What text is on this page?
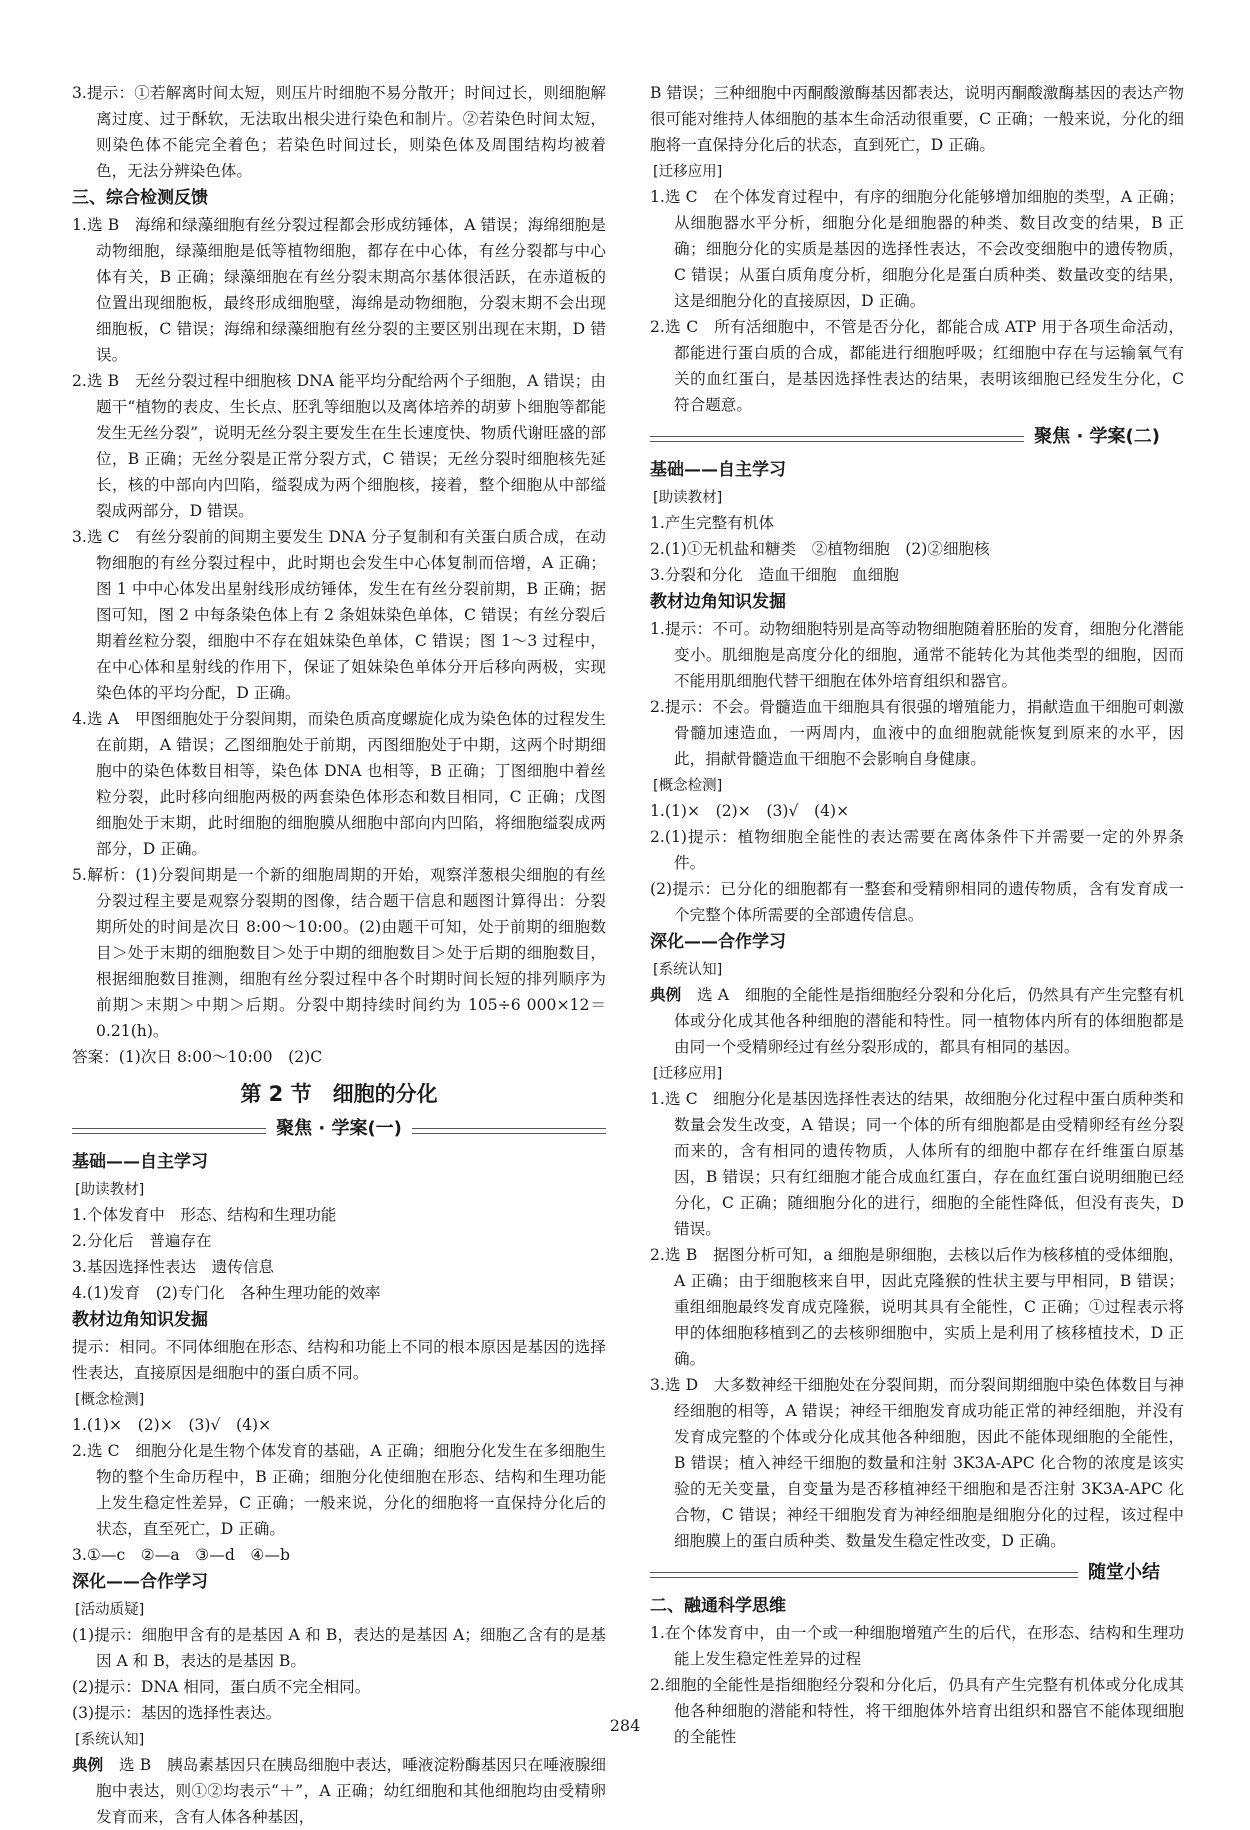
3.提示：①若解离时间太短，则压片时细胞不易分散开；时间过长，则细胞解离过度、过于酥软，无法取出根尖进行染色和制片。②若染色时间太短，则染色体不能完全着色；若染色时间过长，则染色体及周围结构均被着色，无法分辨染色体。

三、综合检测反馈

1.选 B　海绵和绿藻细胞有丝分裂过程都会形成纺锤体，A 错误；海绵细胞是动物细胞，绿藻细胞是低等植物细胞，都存在中心体，有丝分裂都与中心体有关，B 正确；绿藻细胞在有丝分裂末期高尔基体很活跃，在赤道板的位置出现细胞板，最终形成细胞壁，海绵是动物细胞，分裂末期不会出现细胞板，C 错误；海绵和绿藻细胞有丝分裂的主要区别出现在末期，D 错误。

2.选 B　无丝分裂过程中细胞核 DNA 能平均分配给两个子细胞，A 错误；由题干“植物的表皮、生长点、胚乳等细胞以及离体培养的胡萝卜细胞等都能发生无丝分裂”，说明无丝分裂主要发生在生长速度快、物质代谢旺盛的部位，B 正确；无丝分裂是正常分裂方式，C 错误；无丝分裂时细胞核先延长，核的中部向内凹陷，缢裂成为两个细胞核，接着，整个细胞从中部缢裂成两部分，D 错误。

3.选 C　有丝分裂前的间期主要发生 DNA 分子复制和有关蛋白质合成，在动物细胞的有丝分裂过程中，此时期也会发生中心体复制而倍增，A 正确；图 1 中中心体发出星射线形成纺锤体，发生在有丝分裂前期，B 正确；据图可知，图 2 中每条染色体上有 2 条姐妹染色单体，C 错误；有丝分裂后期着丝粒分裂，细胞中不存在姐妹染色单体，C 错误；图 1～3 过程中，在中心体和星射线的作用下，保证了姐妹染色单体分开后移向两极，实现染色体的平均分配，D 正确。

4.选 A　甲图细胞处于分裂间期，而染色质高度螺旋化成为染色体的过程发生在前期，A 错误；乙图细胞处于前期，丙图细胞处于中期，这两个时期细胞中的染色体数目相等，染色体 DNA 也相等，B 正确；丁图细胞中着丝粒分裂，此时移向细胞两极的两套染色体形态和数目相同，C 正确；戊图细胞处于末期，此时细胞的细胞膜从细胞中部向内凹陷，将细胞缢裂成两部分，D 正确。

5.解析：(1)分裂间期是一个新的细胞周期的开始，观察洋葱根尖细胞的有丝分裂过程主要是观察分裂期的图像，结合题干信息和题图计算得出：分裂期所处的时间是次日 8:00～10:00。(2)由题干可知，处于前期的细胞数目＞处于末期的细胞数目＞处于中期的细胞数目＞处于后期的细胞数目，根据细胞数目推测，细胞有丝分裂过程中各个时期时间长短的排列顺序为前期＞末期＞中期＞后期。分裂中期持续时间约为 105÷6 000×12＝0.21(h)。

答案：(1)次日 8:00～10:00　(2)C

第 2 节　细胞的分化

聚焦 · 学案(一)

基础——自主学习

[ 助读教材 ]

1.个体发育中　形态、结构和生理功能

2.分化后　普遍存在

3.基因选择性表达　遗传信息

4.(1)发育　(2)专门化　各种生理功能的效率

教材边角知识发掘

提示：相同。不同体细胞在形态、结构和功能上不同的根本原因是基因的选择性表达，直接原因是细胞中的蛋白质不同。

[ 概念检测 ]

1.(1)×　(2)×　(3)√　(4)×

2.选 C　细胞分化是生物个体发育的基础，A 正确；细胞分化发生在多细胞生物的整个生命历程中，B 正确；细胞分化使细胞在形态、结构和生理功能上发生稳定性差异，C 正确；一般来说，分化的细胞将一直保持分化后的状态，直至死亡，D 正确。

3.①—c　②—a　③—d　④—b

深化——合作学习

[ 活动质疑 ]

(1)提示：细胞甲含有的是基因 A 和 B，表达的是基因 A；细胞乙含有的是基因 A 和 B，表达的是基因 B。

(2)提示：DNA 相同，蛋白质不完全相同。

(3)提示：基因的选择性表达。

[ 系统认知 ]

典例　选 B　胰岛素基因只在胰岛细胞中表达，唾液淀粉酶基因只在唾液腺细胞中表达，则①②均表示“＋”，A 正确；幼红细胞和其他细胞均由受精卵发育而来，含有人体各种基因，

B 错误；三种细胞中丙酮酸激酶基因都表达，说明丙酮酸激酶基因的表达产物很可能对维持人体细胞的基本生命活动很重要，C 正确；一般来说，分化的细胞将一直保持分化后的状态，直到死亡，D 正确。

[ 迁移应用 ]

1.选 C　在个体发育过程中，有序的细胞分化能够增加细胞的类型，A 正确；从细胞器水平分析，细胞分化是细胞器的种类、数目改变的结果，B 正确；细胞分化的实质是基因的选择性表达，不会改变细胞中的遗传物质，C 错误；从蛋白质角度分析，细胞分化是蛋白质种类、数量改变的结果，这是细胞分化的直接原因，D 正确。

2.选 C　所有活细胞中，不管是否分化，都能合成 ATP 用于各项生命活动，都能进行蛋白质的合成，都能进行细胞呼吸；红细胞中存在与运输氧气有关的血红蛋白，是基因选择性表达的结果，表明该细胞已经发生分化，C 符合题意。

聚焦 · 学案(二)

基础——自主学习

[ 助读教材 ]

1.产生完整有机体

2.(1)①无机盐和糖类　②植物细胞　(2)②细胞核

3.分裂和分化　造血干细胞　血细胞

教材边角知识发掘

1.提示：不可。动物细胞特别是高等动物细胞随着胚胎的发育，细胞分化潜能变小。肌细胞是高度分化的细胞，通常不能转化为其他类型的细胞，因而不能用肌细胞代替干细胞在体外培育组织和器官。

2.提示：不会。骨髓造血干细胞具有很强的增殖能力，捐献造血干细胞可刺激骨髓加速造血，一两周内，血液中的血细胞就能恢复到原来的水平，因此，捐献骨髓造血干细胞不会影响自身健康。

[ 概念检测 ]

1.(1)×　(2)×　(3)√　(4)×

2.(1)提示：植物细胞全能性的表达需要在离体条件下并需要一定的外界条件。

(2)提示：已分化的细胞都有一整套和受精卵相同的遗传物质，含有发育成一个完整个体所需要的全部遗传信息。

深化——合作学习

[ 系统认知 ]

典例　选 A　细胞的全能性是指细胞经分裂和分化后，仍然具有产生完整有机体或分化成其他各种细胞的潜能和特性。同一植物体内所有的体细胞都是由同一个受精卵经过有丝分裂形成的，都具有相同的基因。

[ 迁移应用 ]

1.选 C　细胞分化是基因选择性表达的结果，故细胞分化过程中蛋白质种类和数量会发生改变，A 错误；同一个体的所有细胞都是由受精卵经有丝分裂而来的，含有相同的遗传物质，人体所有的细胞中都存在纤维蛋白原基因，B 错误；只有红细胞才能合成血红蛋白，存在血红蛋白说明细胞已经分化，C 正确；随细胞分化的进行，细胞的全能性降低，但没有丧失，D 错误。

2.选 B　据图分析可知，a 细胞是卵细胞，去核以后作为核移植的受体细胞，A 正确；由于细胞核来自甲，因此克隆猴的性状主要与甲相同，B 错误；重组细胞最终发育成克隆猴，说明其具有全能性，C 正确；①过程表示将甲的体细胞移植到乙的去核卵细胞中，实质上是利用了核移植技术，D 正确。

3.选 D　大多数神经干细胞处在分裂间期，而分裂间期细胞中染色体数目与神经细胞的相等，A 错误；神经干细胞发育成功能正常的神经细胞，并没有发育成完整的个体或分化成其他各种细胞，因此不能体现细胞的全能性，B 错误；植入神经干细胞的数量和注射 3K3A-APC 化合物的浓度是该实验的无关变量，自变量为是否移植神经干细胞和是否注射 3K3A-APC 化合物，C 错误；神经干细胞发育为神经细胞是细胞分化的过程，该过程中细胞膜上的蛋白质种类、数量发生稳定性改变，D 正确。

随堂小结

二、融通科学思维

1.在个体发育中，由一个或一种细胞增殖产生的后代，在形态、结构和生理功能上发生稳定性差异的过程

2.细胞的全能性是指细胞经分裂和分化后，仍具有产生完整有机体或分化成其他各种细胞的潜能和特性，将干细胞体外培育出组织和器官不能体现细胞的全能性

284
